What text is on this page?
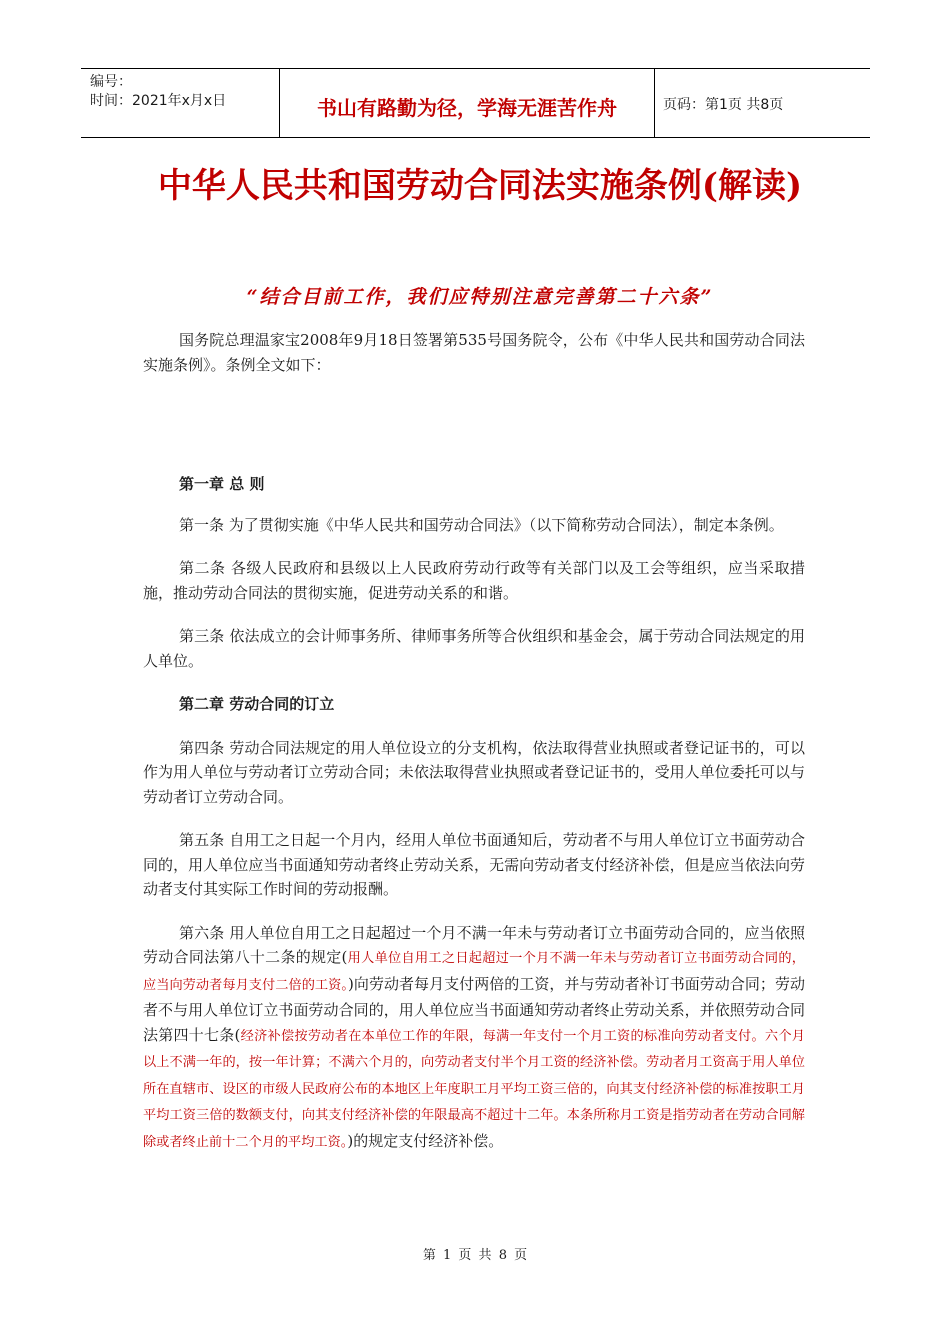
编号：
时间：2021年x月x日	书山有路勤为径，学海无涯苦作舟	页码：第1页 共8页
中华人民共和国劳动合同法实施条例(解读)
“结合目前工作，我们应特别注意完善第二十六条”

国务院总理温家宝2008年9月18日签署第535号国务院令，公布《中华人民共和国劳动合同法实施条例》。条例全文如下：

第一章 总 则

第一条 为了贯彻实施《中华人民共和国劳动合同法》（以下简称劳动合同法），制定本条例。

第二条 各级人民政府和县级以上人民政府劳动行政等有关部门以及工会等组织，应当采取措施，推动劳动合同法的贯彻实施，促进劳动关系的和谐。

第三条 依法成立的会计师事务所、律师事务所等合伙组织和基金会，属于劳动合同法规定的用人单位。

第二章 劳动合同的订立

第四条 劳动合同法规定的用人单位设立的分支机构，依法取得营业执照或者登记证书的，可以作为用人单位与劳动者订立劳动合同；未依法取得营业执照或者登记证书的，受用人单位委托可以与劳动者订立劳动合同。

第五条 自用工之日起一个月内，经用人单位书面通知后，劳动者不与用人单位订立书面劳动合同的，用人单位应当书面通知劳动者终止劳动关系，无需向劳动者支付经济补偿，但是应当依法向劳动者支付其实际工作时间的劳动报酬。

第六条 用人单位自用工之日起超过一个月不满一年未与劳动者订立书面劳动合同的，应当依照劳动合同法第八十二条的规定(用人单位自用工之日起超过一个月不满一年未与劳动者订立书面劳动合同的，应当向劳动者每月支付二倍的工资。)向劳动者每月支付两倍的工资，并与劳动者补订书面劳动合同；劳动者不与用人单位订立书面劳动合同的，用人单位应当书面通知劳动者终止劳动关系，并依照劳动合同法第四十七条(经济补偿按劳动者在本单位工作的年限，每满一年支付一个月工资的标准向劳动者支付。六个月以上不满一年的，按一年计算；不满六个月的，向劳动者支付半个月工资的经济补偿。劳动者月工资高于用人单位所在直辖市、设区的市级人民政府公布的本地区上年度职工月平均工资三倍的，向其支付经济补偿的标准按职工月平均工资三倍的数额支付，向其支付经济补偿的年限最高不超过十二年。本条所称月工资是指劳动者在劳动合同解除或者终止前十二个月的平均工资。)的规定支付经济补偿。

第 1 页 共 8 页
